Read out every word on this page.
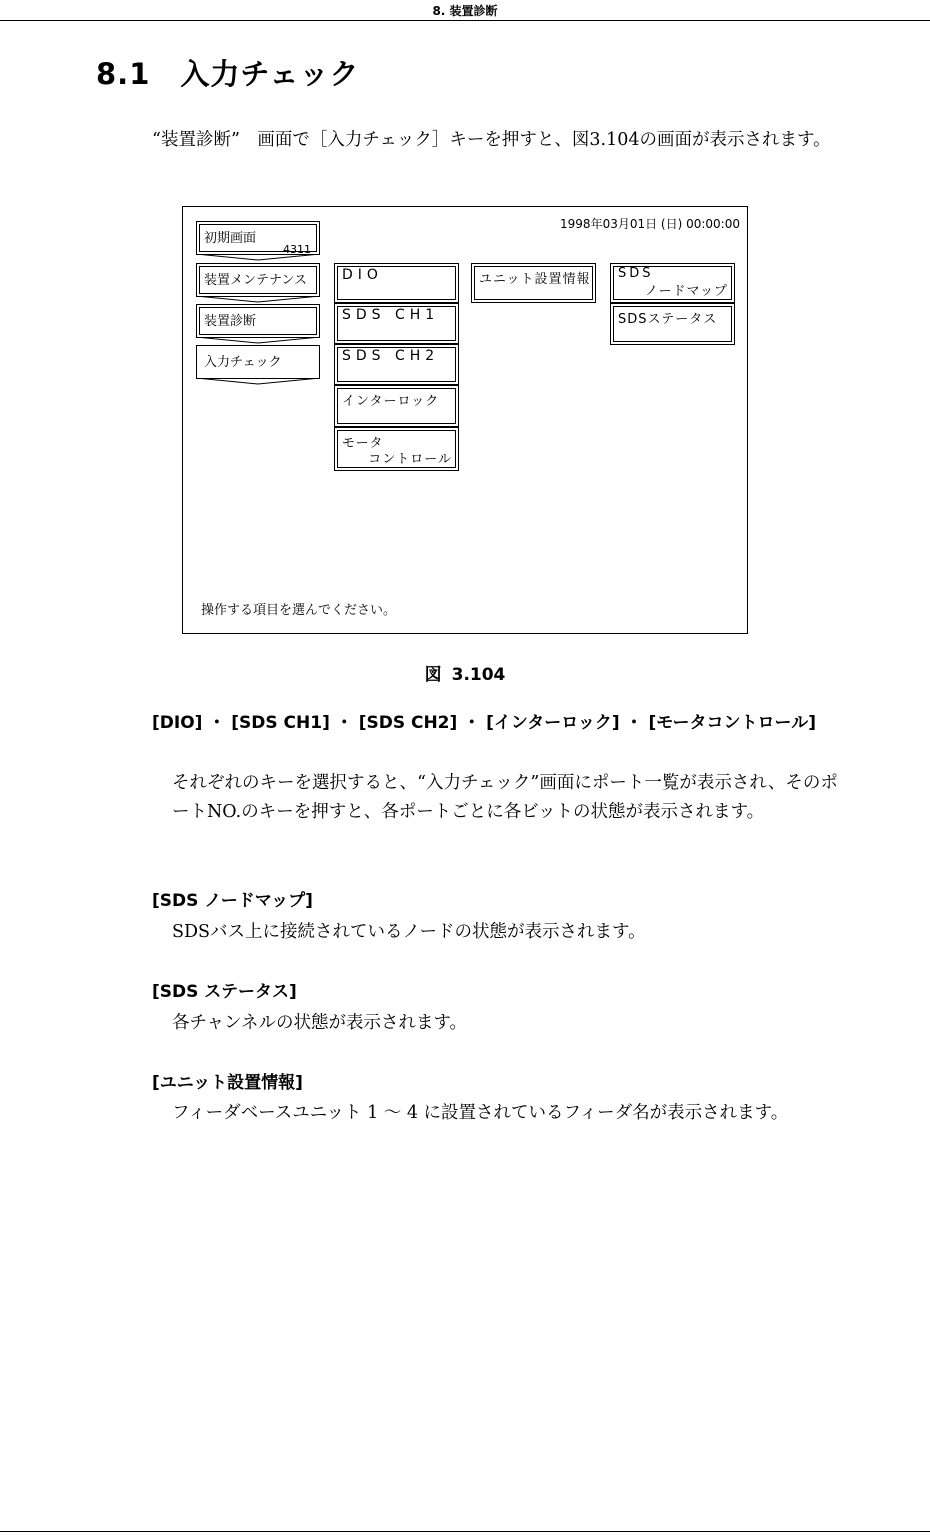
8. 装置診断
8.1 入力チェック

“装置診断”　画面で［入力チェック］キーを押すと、図3.104の画面が表示されます。

1998年03月01日 (日) 00:00:00
初期画面
4311
装置メンテナンス
装置診断
入力チェック
DIO
SDS CH1
SDS CH2
インターロック
モータ
コントロール
ユニット設置情報 SDS
ノードマップ
SDSステータス
操作する項目を選んでください。
図 3.104

[DIO] ・ [SDS CH1] ・ [SDS CH2] ・ [インターロック] ・ [モータコントロール]

それぞれのキーを選択すると、“入力チェック”画面にポート一覧が表示され、そのポートNO.のキーを押すと、各ポートごとに各ビットの状態が表示されます。

[SDS ノードマップ]

SDSバス上に接続されているノードの状態が表示されます。

[SDS ステータス]

各チャンネルの状態が表示されます。

[ユニット設置情報]

フィーダベースユニット 1 ～ 4 に設置されているフィーダ名が表示されます。
